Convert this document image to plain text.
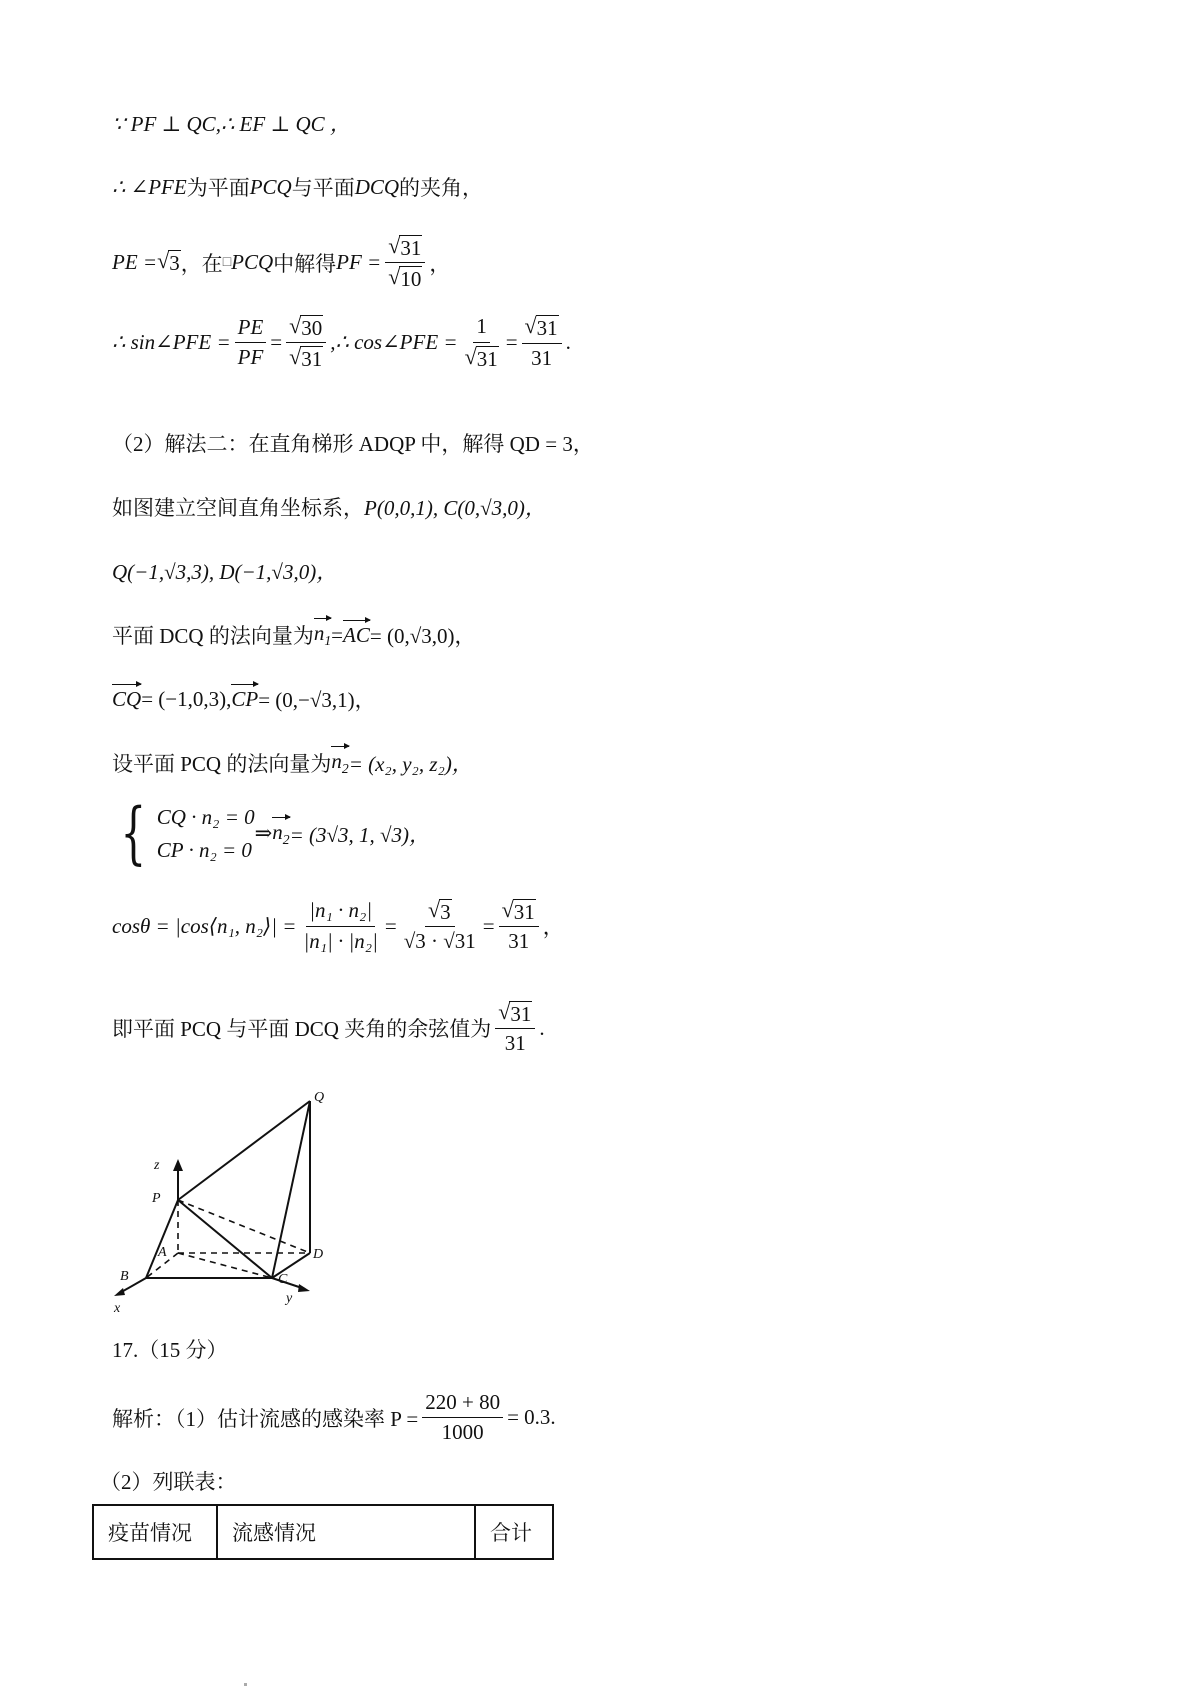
∵ PF ⊥ QC,∴ EF ⊥ QC ，
∴ ∠PFE 为平面 PCQ 与平面 DCQ 的夹角，
PE = √ 3 ，在 □ PCQ 中解得 PF = $\frac{√ 31}{√ 10}$ ，
∴ sin∠PFE = $\frac{PE}{PF} = \frac{√ 30}{√ 31}$ ,∴ cos∠PFE = $\frac{1}{√ 31} = \frac{√ 31}{31}$ .
（2）解法二：在直角梯形 ADQP 中，解得 QD = 3，
如图建立空间直角坐标系， P(0,0,1), C(0,√3,0)，
Q(−1,√3,3), D(−1,√3,0)，
平面 DCQ 的法向量为 $n_1$ = AC = (0,√3,0)，
CQ = (−1,0,3), CP = (0,−√3,1)，
设平面 PCQ 的法向量为 $n_2 = (x_2$, y₂, z₂)，
{ CQ · n₂ = 0
CP · n₂ = 0
⇒ $n_2 = (3√3$, 1, √3)，
cosθ = |cos⟨n₁, n₂⟩| = $\frac{\text{|n₁ · n₂|}}{\text{|n₁| · |n₂|}} = \frac{√ 3}{√3 \cdot √31} = \frac{√ 31}{31}$ ，
即平面 PCQ 与平面 DCQ 夹角的余弦值为 $\frac{√ 31}{31}$ .
Q
z
P
A	D
B	C
x
y
17.（15 分）
解析：（1）估计流感的感染率 $P = \frac{220 + 80}{1000} = 0.3$.
（2）列联表：
疫苗情况	流感情况	合计
